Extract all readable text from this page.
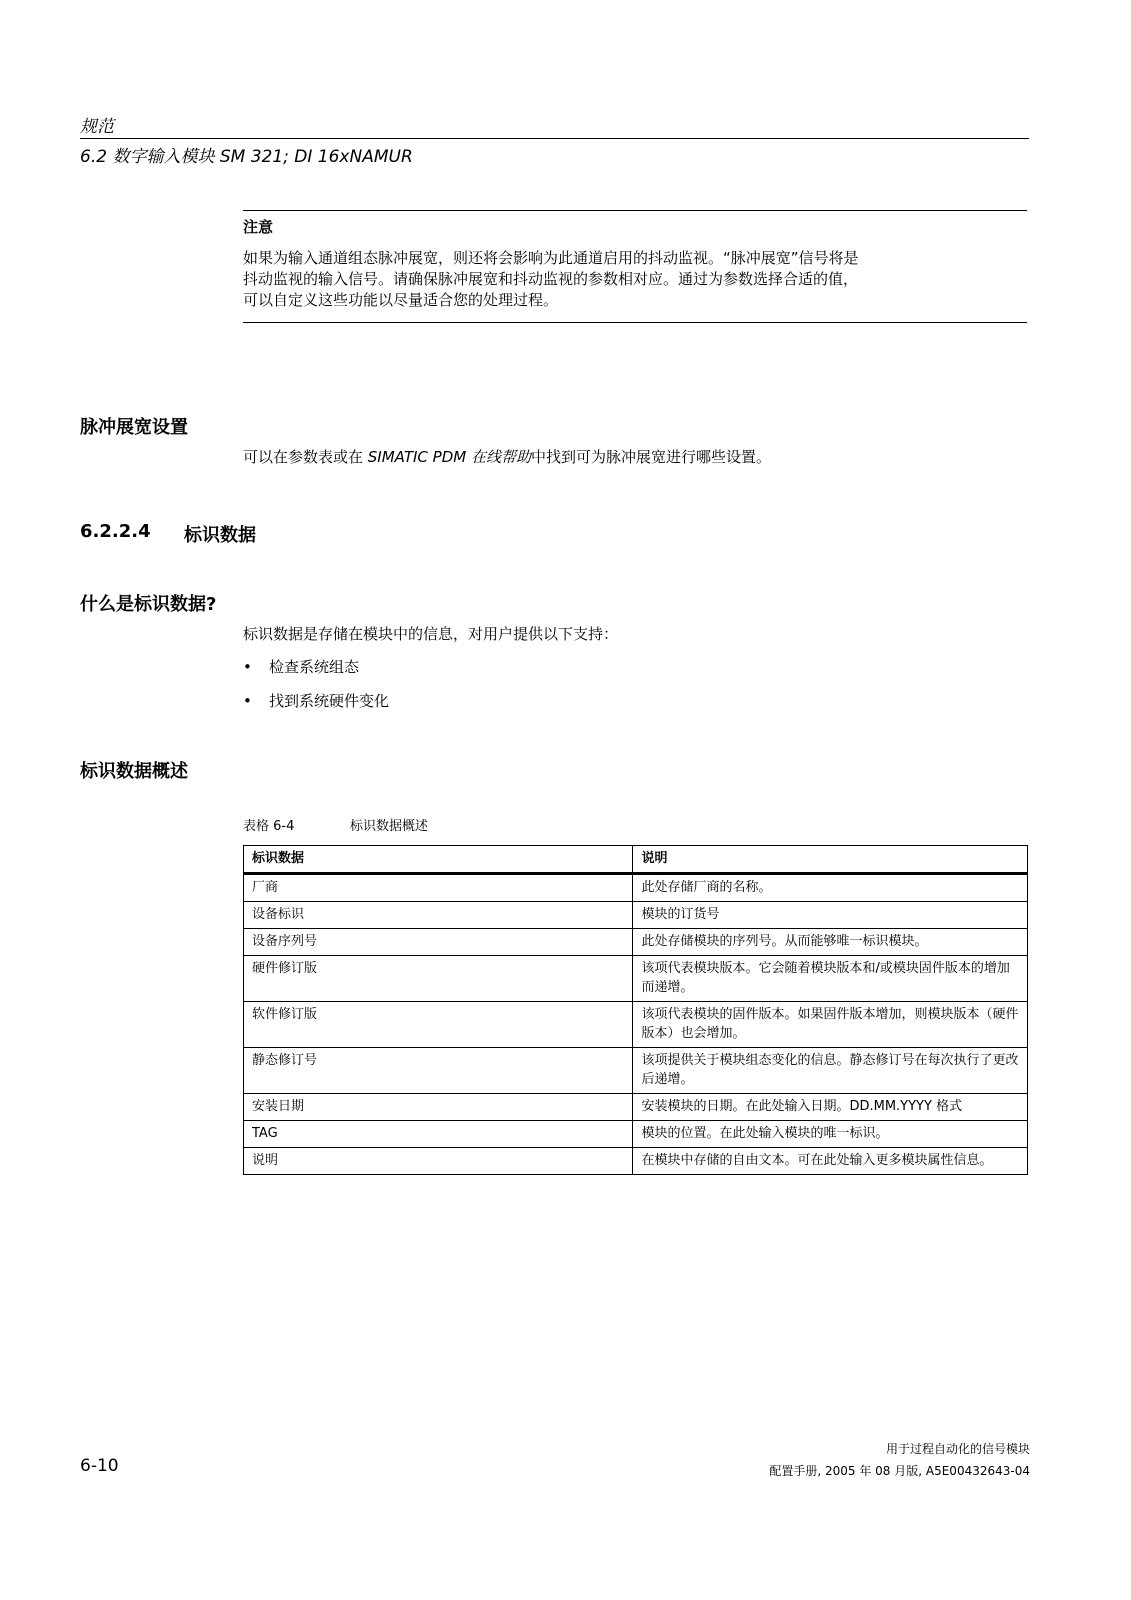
规范
6.2 数字输入模块 SM 321; DI 16xNAMUR
注意
如果为输入通道组态脉冲展宽，则还将会影响为此通道启用的抖动监视。“脉冲展宽”信号将是
抖动监视的输入信号。请确保脉冲展宽和抖动监视的参数相对应。通过为参数选择合适的值，
可以自定义这些功能以尽量适合您的处理过程。
脉冲展宽设置
可以在参数表或在 SIMATIC PDM 在线帮助中找到可为脉冲展宽进行哪些设置。
6.2.2.4 标识数据
什么是标识数据?
标识数据是存储在模块中的信息，对用户提供以下支持：
• 检查系统组态
• 找到系统硬件变化
标识数据概述
表格 6-4	标识数据概述
标识数据	说明
厂商	此处存储厂商的名称。
设备标识	模块的订货号
设备序列号	此处存储模块的序列号。从而能够唯一标识模块。
硬件修订版	该项代表模块版本。它会随着模块版本和/或模块固件版本的增加而递增。
软件修订版	该项代表模块的固件版本。如果固件版本增加，则模块版本（硬件版本）也会增加。
静态修订号	该项提供关于模块组态变化的信息。静态修订号在每次执行了更改后递增。
安装日期	安装模块的日期。在此处输入日期。DD.MM.YYYY 格式
TAG	模块的位置。在此处输入模块的唯一标识。
说明	在模块中存储的自由文本。可在此处输入更多模块属性信息。
6-10
用于过程自动化的信号模块
配置手册, 2005 年 08 月版, A5E00432643-04
